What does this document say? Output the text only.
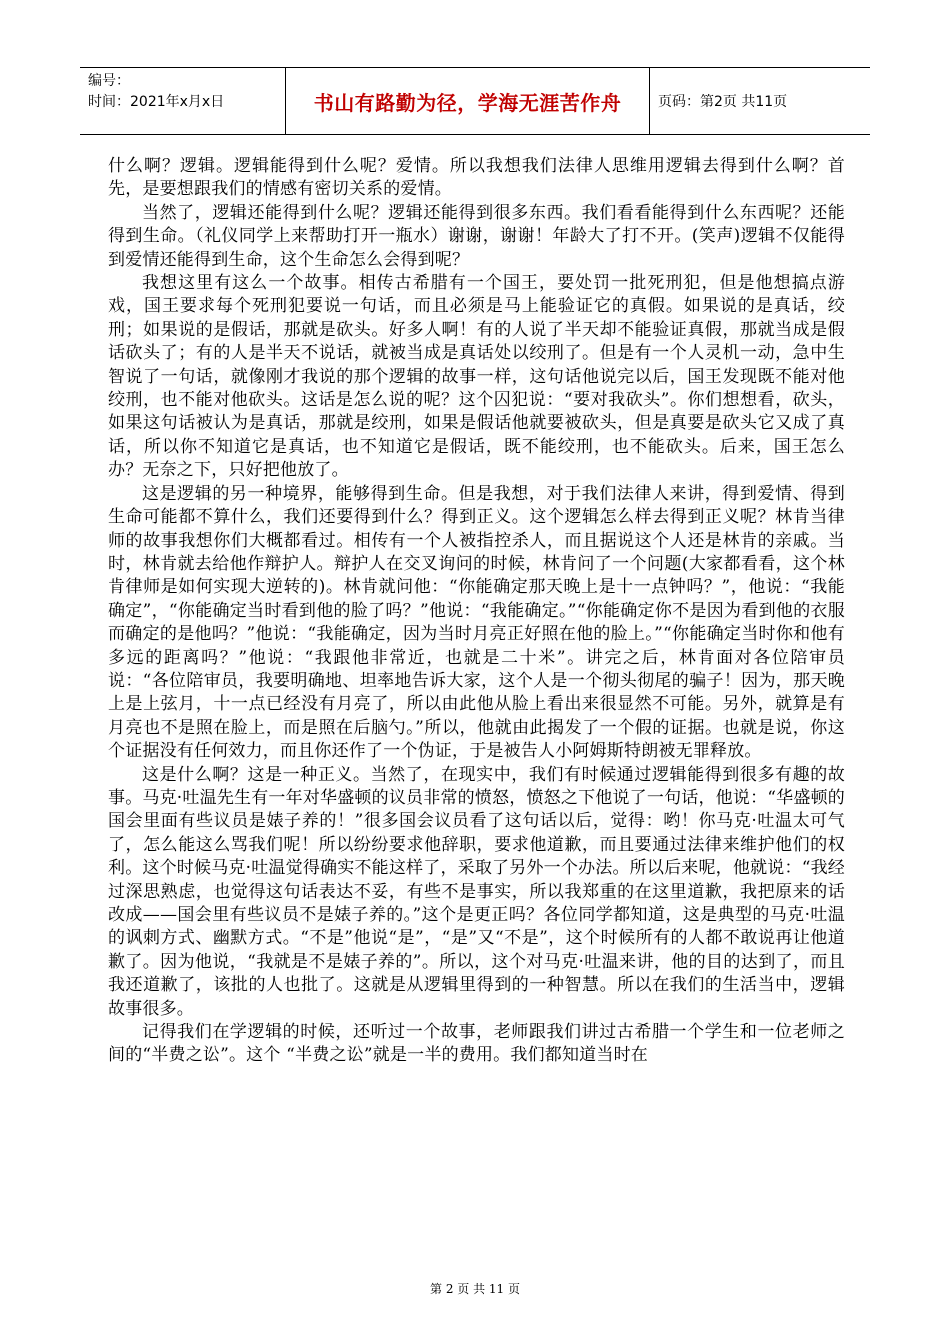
编号：
时间：2021年x月x日	书山有路勤为径，学海无涯苦作舟	页码：第2页 共11页

什么啊？逻辑。逻辑能得到什么呢？爱情。所以我想我们法律人思维用逻辑去得到什么啊？首先，是要想跟我们的情感有密切关系的爱情。

当然了，逻辑还能得到什么呢？逻辑还能得到很多东西。我们看看能得到什么东西呢？还能得到生命。（礼仪同学上来帮助打开一瓶水）谢谢，谢谢！年龄大了打不开。(笑声)逻辑不仅能得到爱情还能得到生命，这个生命怎么会得到呢？

我想这里有这么一个故事。相传古希腊有一个国王，要处罚一批死刑犯，但是他想搞点游戏，国王要求每个死刑犯要说一句话，而且必须是马上能验证它的真假。如果说的是真话，绞刑；如果说的是假话，那就是砍头。好多人啊！有的人说了半天却不能验证真假，那就当成是假话砍头了；有的人是半天不说话，就被当成是真话处以绞刑了。但是有一个人灵机一动，急中生智说了一句话，就像刚才我说的那个逻辑的故事一样，这句话他说完以后，国王发现既不能对他绞刑，也不能对他砍头。这话是怎么说的呢？这个囚犯说：“要对我砍头”。你们想想看，砍头，如果这句话被认为是真话，那就是绞刑，如果是假话他就要被砍头，但是真要是砍头它又成了真话，所以你不知道它是真话，也不知道它是假话，既不能绞刑，也不能砍头。后来，国王怎么办？无奈之下，只好把他放了。

这是逻辑的另一种境界，能够得到生命。但是我想，对于我们法律人来讲，得到爱情、得到生命可能都不算什么，我们还要得到什么？得到正义。这个逻辑怎么样去得到正义呢？林肯当律师的故事我想你们大概都看过。相传有一个人被指控杀人，而且据说这个人还是林肯的亲戚。当时，林肯就去给他作辩护人。辩护人在交叉询问的时候，林肯问了一个问题(大家都看看，这个林肯律师是如何实现大逆转的)。林肯就问他：“你能确定那天晚上是十一点钟吗？”，他说：“我能确定”，“你能确定当时看到他的脸了吗？”他说：“我能确定。”“你能确定你不是因为看到他的衣服而确定的是他吗？”他说：“我能确定，因为当时月亮正好照在他的脸上。”“你能确定当时你和他有多远的距离吗？”他说：“我跟他非常近，也就是二十米”。讲完之后，林肯面对各位陪审员说：“各位陪审员，我要明确地、坦率地告诉大家，这个人是一个彻头彻尾的骗子！因为，那天晚上是上弦月，十一点已经没有月亮了，所以由此他从脸上看出来很显然不可能。另外，就算是有月亮也不是照在脸上，而是照在后脑勺。”所以，他就由此揭发了一个假的证据。也就是说，你这个证据没有任何效力，而且你还作了一个伪证，于是被告人小阿姆斯特朗被无罪释放。

这是什么啊？这是一种正义。当然了，在现实中，我们有时候通过逻辑能得到很多有趣的故事。马克·吐温先生有一年对华盛顿的议员非常的愤怒，愤怒之下他说了一句话，他说：“华盛顿的国会里面有些议员是婊子养的！”很多国会议员看了这句话以后，觉得：哟！你马克·吐温太可气了，怎么能这么骂我们呢！所以纷纷要求他辞职，要求他道歉，而且要通过法律来维护他们的权利。这个时候马克·吐温觉得确实不能这样了，采取了另外一个办法。所以后来呢，他就说：“我经过深思熟虑，也觉得这句话表达不妥，有些不是事实，所以我郑重的在这里道歉，我把原来的话改成——国会里有些议员不是婊子养的。”这个是更正吗？各位同学都知道，这是典型的马克·吐温的讽刺方式、幽默方式。“不是”他说“是”，“是”又“不是”，这个时候所有的人都不敢说再让他道歉了。因为他说，“我就是不是婊子养的”。所以，这个对马克·吐温来讲，他的目的达到了，而且我还道歉了，该批的人也批了。这就是从逻辑里得到的一种智慧。所以在我们的生活当中，逻辑故事很多。

记得我们在学逻辑的时候，还听过一个故事，老师跟我们讲过古希腊一个学生和一位老师之间的“半费之讼”。这个 “半费之讼”就是一半的费用。我们都知道当时在

第 2 页 共 11 页
